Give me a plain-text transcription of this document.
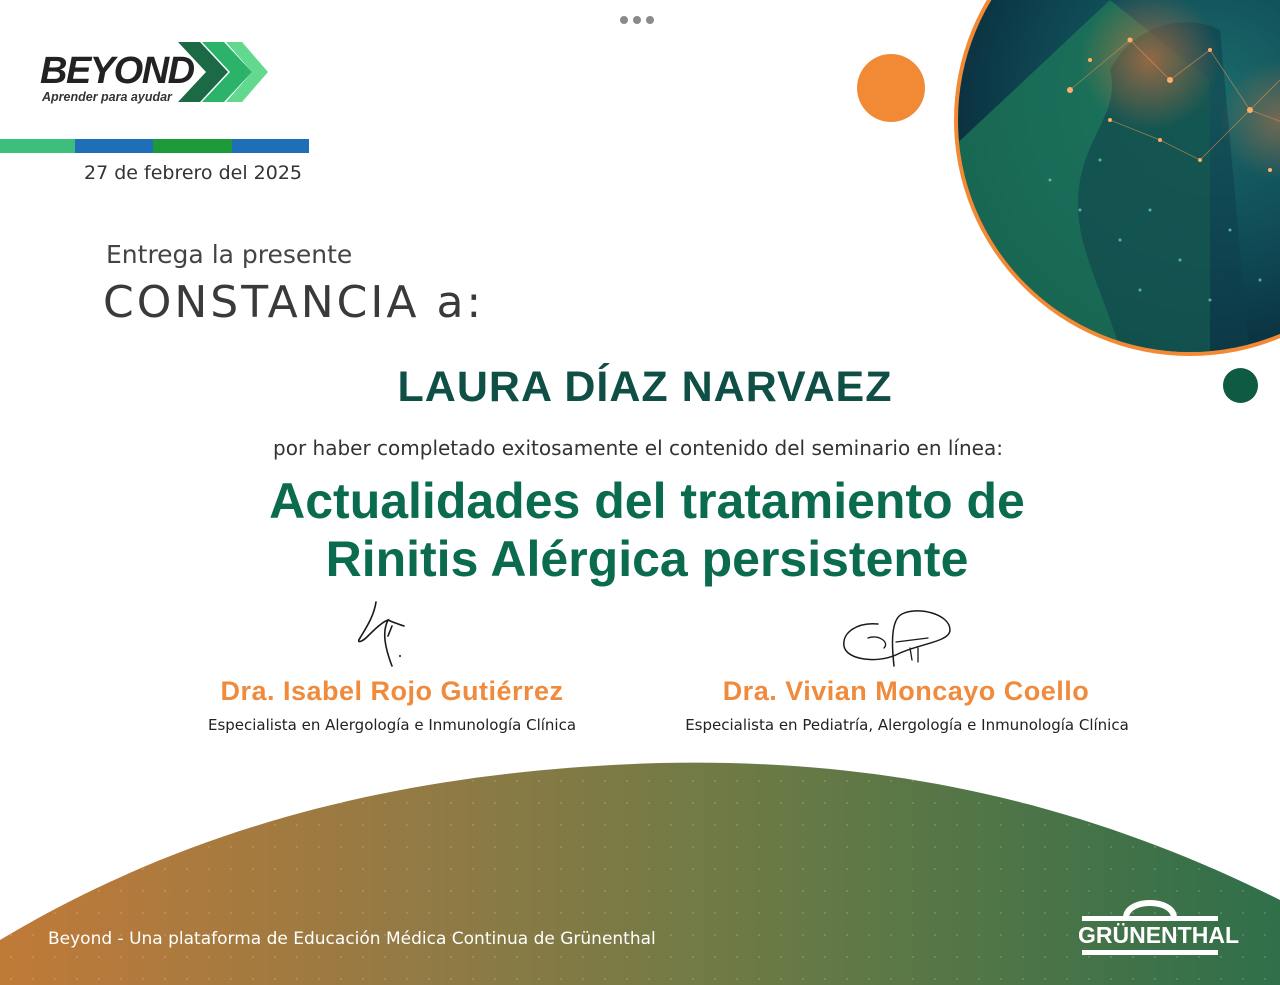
BEYOND
Aprender para ayudar
27 de febrero del 2025
Entrega la presente
CONSTANCIA a:
LAURA DÍAZ NARVAEZ
por haber completado exitosamente el contenido del seminario en línea:
Actualidades del tratamiento de
Rinitis Alérgica persistente
Dra. Isabel Rojo Gutiérrez
Especialista en Alergología e Inmunología Clínica
Dra. Vivian Moncayo Coello
Especialista en Pediatría, Alergología e Inmunología Clínica
Beyond - Una plataforma de Educación Médica Continua de Grünenthal	GRÜNENTHAL
